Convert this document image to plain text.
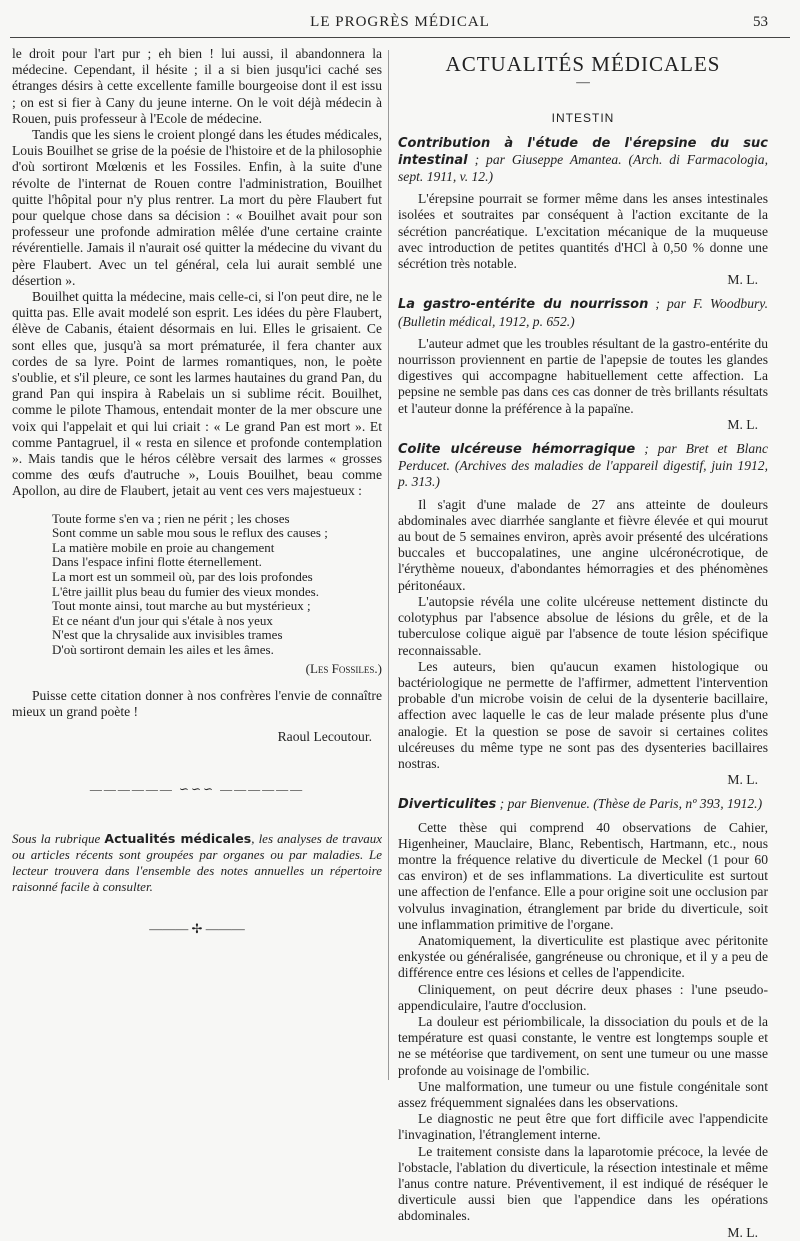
LE PROGRÈS MÉDICAL	53

le droit pour l'art pur ; eh bien ! lui aussi, il abandonnera la médecine. Cependant, il hésite ; il a si bien jusqu'ici caché ses étranges désirs à cette excellente famille bourgeoise dont il est issu ; on est si fier à Cany du jeune interne. On le voit déjà médecin à Rouen, puis professeur à l'Ecole de médecine.

Tandis que les siens le croient plongé dans les études médicales, Louis Bouilhet se grise de la poésie de l'histoire et de la philosophie d'où sortiront Mœlœnis et les Fossiles. Enfin, à la suite d'une révolte de l'internat de Rouen contre l'administration, Bouilhet quitte l'hôpital pour n'y plus rentrer. La mort du père Flaubert fut pour quelque chose dans sa décision : « Bouilhet avait pour son professeur une profonde admiration mêlée d'une certaine crainte révérentielle. Jamais il n'aurait osé quitter la médecine du vivant du père Flaubert. Avec un tel général, cela lui aurait semblé une désertion ».

Bouilhet quitta la médecine, mais celle-ci, si l'on peut dire, ne le quitta pas. Elle avait modelé son esprit. Les idées du père Flaubert, élève de Cabanis, étaient désormais en lui. Elles le grisaient. Ce sont elles que, jusqu'à sa mort prématurée, il fera chanter aux cordes de sa lyre. Point de larmes romantiques, non, le poète s'oublie, et s'il pleure, ce sont les larmes hautaines du grand Pan, du grand Pan qui inspira à Rabelais un si sublime récit. Bouilhet, comme le pilote Thamous, entendait monter de la mer obscure une voix qui l'appelait et qui lui criait : « Le grand Pan est mort ». Et comme Pantagruel, il « resta en silence et profonde contemplation ». Mais tandis que le héros célèbre versait des larmes « grosses comme des œufs d'autruche », Louis Bouilhet, beau comme Apollon, au dire de Flaubert, jetait au vent ces vers majestueux :

Toute forme s'en va ; rien ne périt ; les choses
Sont comme un sable mou sous le reflux des causes ;
La matière mobile en proie au changement
Dans l'espace infini flotte éternellement.
La mort est un sommeil où, par des lois profondes
L'être jaillit plus beau du fumier des vieux mondes.
Tout monte ainsi, tout marche au but mystérieux ;
Et ce néant d'un jour qui s'étale à nos yeux
N'est que la chrysalide aux invisibles trames
D'où sortiront demain les ailes et les âmes.
(Les Fossiles.)

Puisse cette citation donner à nos confrères l'envie de connaître mieux un grand poète !

Raoul Lecoutour.
—————— ∽∽∽ ——————

Sous la rubrique Actualités médicales, les analyses de travaux ou articles récents sont groupées par organes ou par maladies. Le lecteur trouvera dans l'ensemble des notes annuelles un répertoire raisonné facile à consulter.

——— ✢ ———
ACTUALITÉS MÉDICALES
—
INTESTIN

Contribution à l'étude de l'érepsine du suc intestinal ; par Giuseppe Amantea. (Arch. di Farmacologia, sept. 1911, v. 12.)

L'érepsine pourrait se former même dans les anses intestinales isolées et soutraites par conséquent à l'action excitante de la sécrétion pancréatique. L'excitation mécanique de la muqueuse avec introduction de petites quantités d'HCl à 0,50 % donne une sécrétion très notable.

M. L.

La gastro-entérite du nourrisson ; par F. Woodbury. (Bulletin médical, 1912, p. 652.)

L'auteur admet que les troubles résultant de la gastro-entérite du nourrisson proviennent en partie de l'apepsie de toutes les glandes digestives qui accompagne habituellement cette affection. La pepsine ne semble pas dans ces cas donner de très brillants résultats et l'auteur donne la préférence à la papaïne.

M. L.

Colite ulcéreuse hémorragique ; par Bret et Blanc Perducet. (Archives des maladies de l'appareil digestif, juin 1912, p. 313.)

Il s'agit d'une malade de 27 ans atteinte de douleurs abdominales avec diarrhée sanglante et fièvre élevée et qui mourut au bout de 5 semaines environ, après avoir présenté des ulcérations buccales et buccopalatines, une angine ulcéronécrotique, de l'érythème noueux, d'abondantes hémorragies et des phénomènes péritonéaux.

L'autopsie révéla une colite ulcéreuse nettement distincte du colotyphus par l'absence absolue de lésions du grêle, et de la tuberculose colique aiguë par l'absence de toute lésion spécifique reconnaissable.

Les auteurs, bien qu'aucun examen histologique ou bactériologique ne permette de l'affirmer, admettent l'intervention probable d'un microbe voisin de celui de la dysenterie bacillaire, affection avec laquelle le cas de leur malade présente plus d'une analogie. Et la question se pose de savoir si certaines colites ulcéreuses du même type ne sont pas des dysenteries bacillaires nostras.

M. L.

Diverticulites ; par Bienvenue. (Thèse de Paris, nº 393, 1912.)

Cette thèse qui comprend 40 observations de Cahier, Higenheiner, Mauclaire, Blanc, Rebentisch, Hartmann, etc., nous montre la fréquence relative du diverticule de Meckel (1 pour 60 cas environ) et de ses inflammations. La diverticulite est surtout une affection de l'enfance. Elle a pour origine soit une occlusion par volvulus invagination, étranglement par bride du diverticule, soit une inflammation primitive de l'organe.

Anatomiquement, la diverticulite est plastique avec péritonite enkystée ou généralisée, gangréneuse ou chronique, et il y a peu de différence entre ces lésions et celles de l'appendicite.

Cliniquement, on peut décrire deux phases : l'une pseudo-appendiculaire, l'autre d'occlusion.

La douleur est périombilicale, la dissociation du pouls et de la température est quasi constante, le ventre est longtemps souple et ne se météorise que tardivement, on sent une tumeur ou une masse profonde au voisinage de l'ombilic.

Une malformation, une tumeur ou une fistule congénitale sont assez fréquemment signalées dans les observations.

Le diagnostic ne peut être que fort difficile avec l'appendicite l'invagination, l'étranglement interne.

Le traitement consiste dans la laparotomie précoce, la levée de l'obstacle, l'ablation du diverticule, la résection intestinale et même l'anus contre nature. Préventivement, il est indiqué de réséquer le diverticule aussi bien que l'appendice dans les opérations abdominales.

M. L.
